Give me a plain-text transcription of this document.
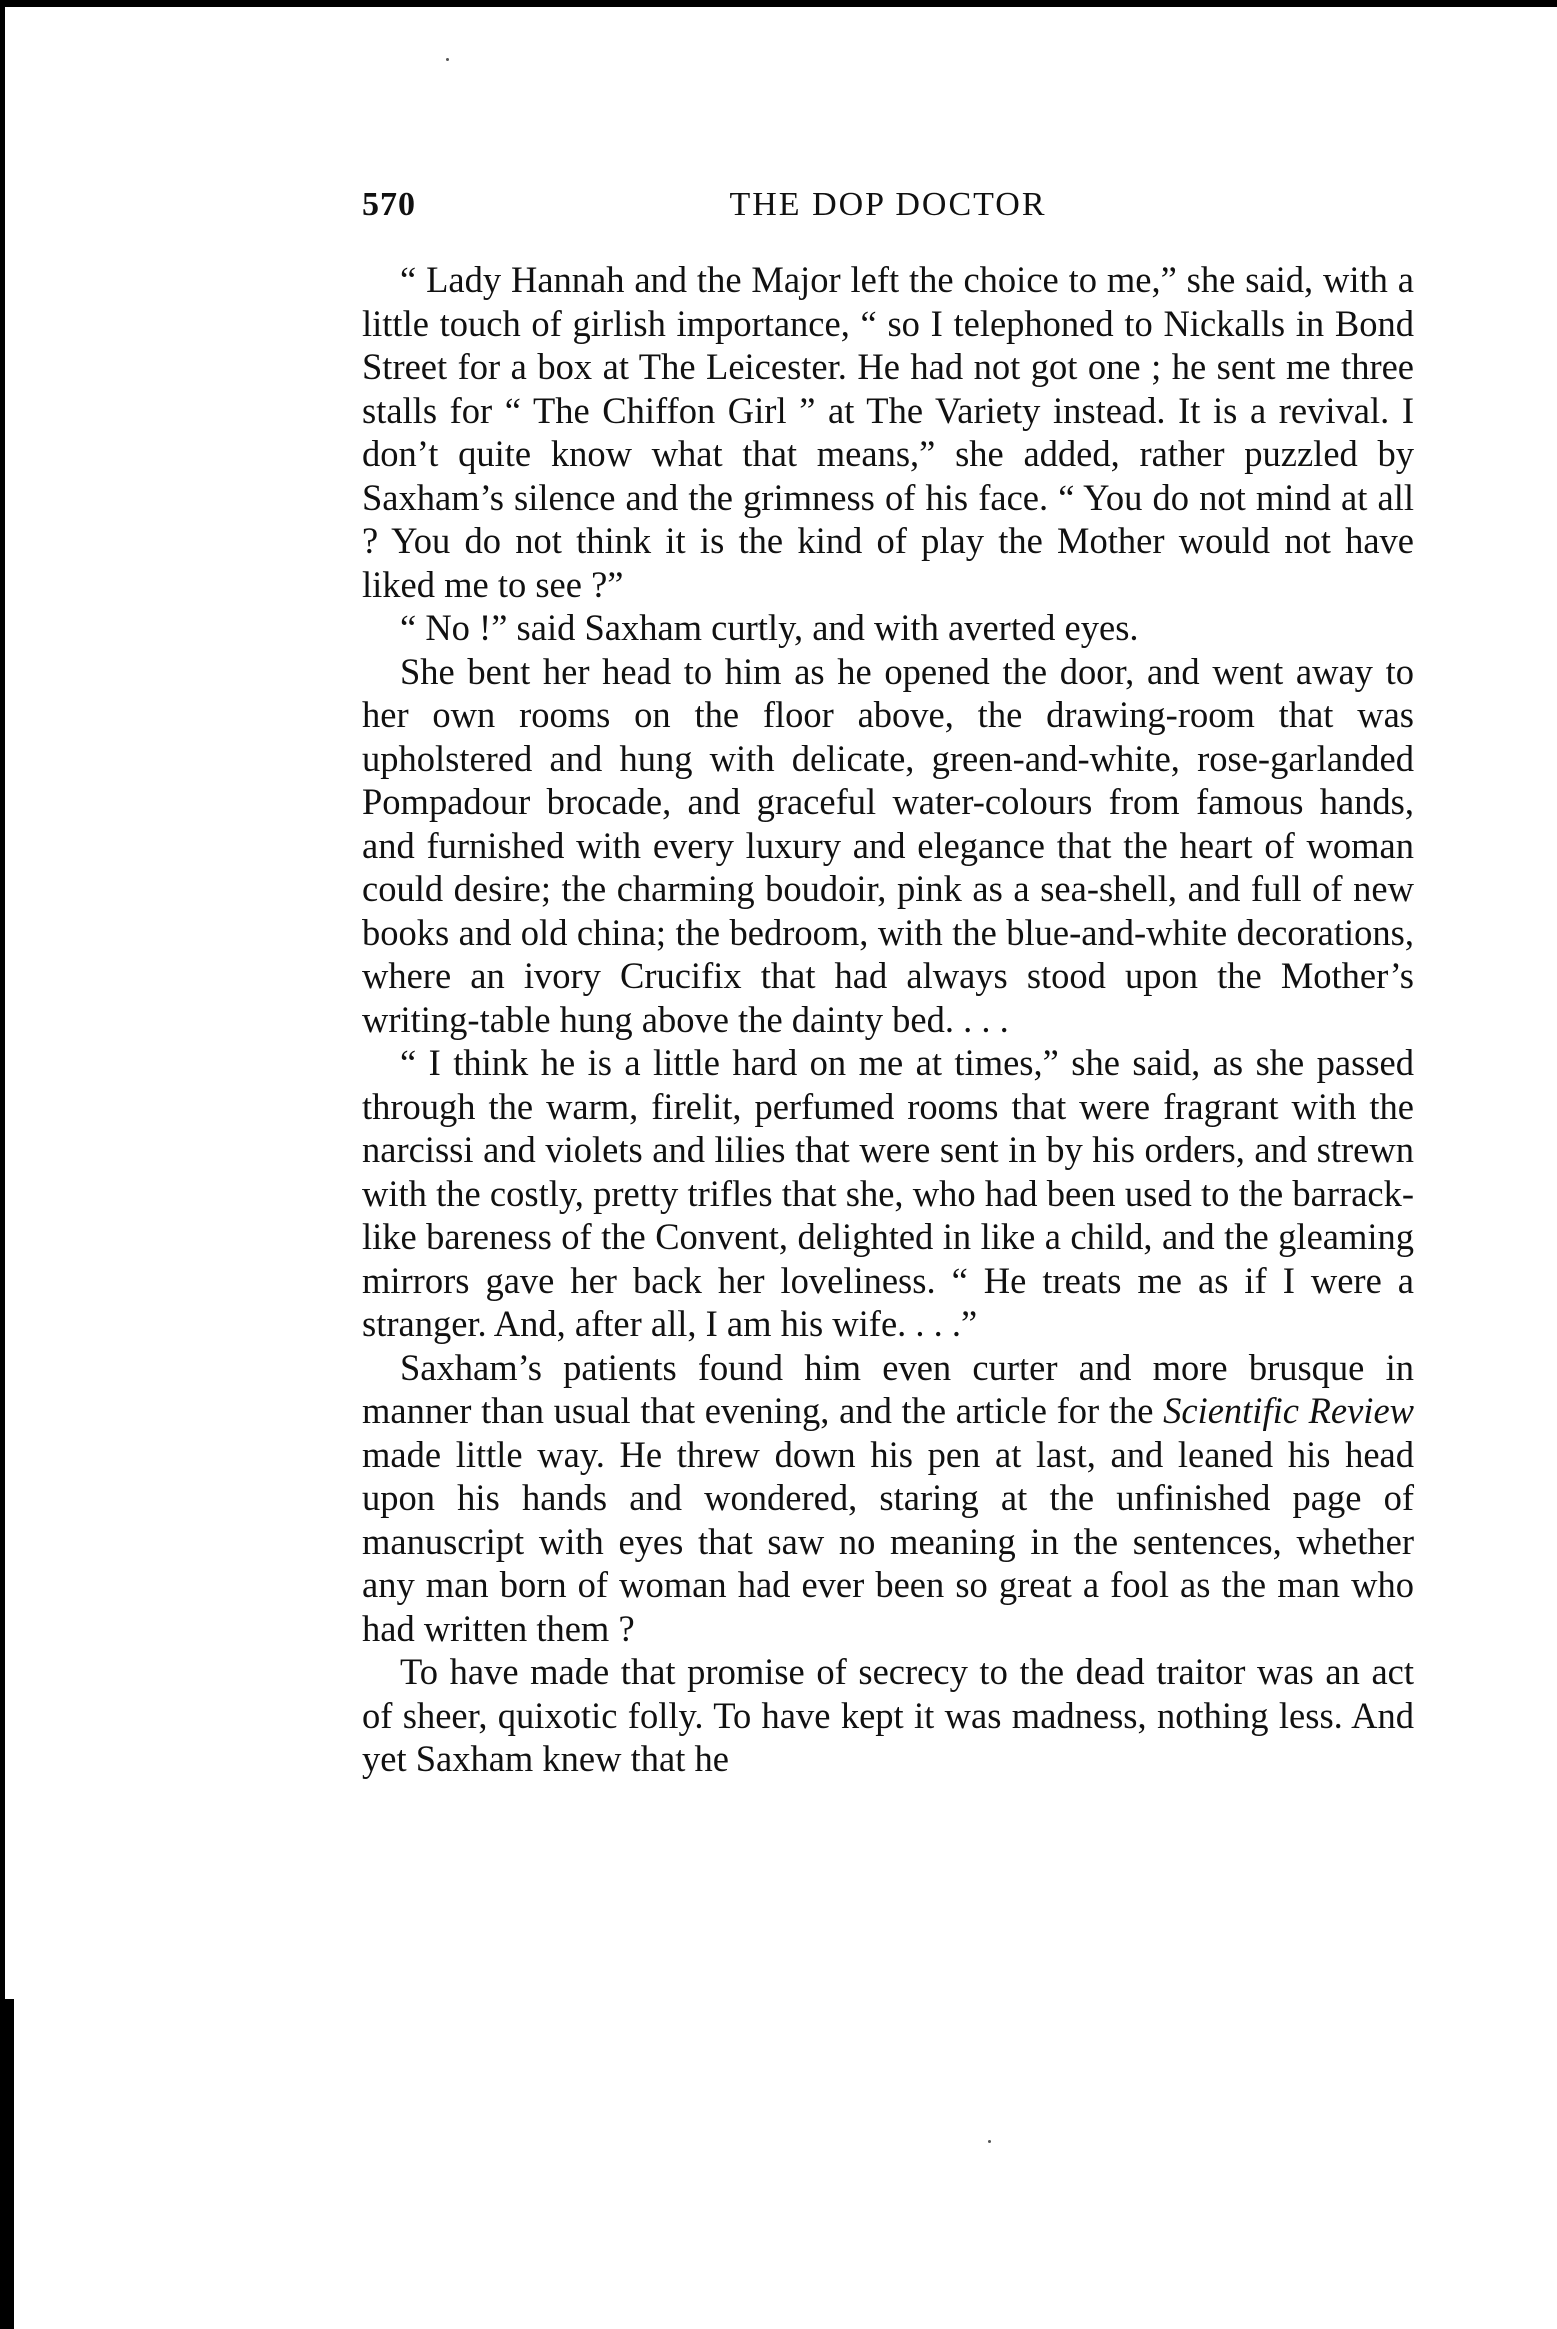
570	THE DOP DOCTOR

“ Lady Hannah and the Major left the choice to me,” she said, with a little touch of girlish importance, “ so I telephoned to Nickalls in Bond Street for a box at The Leicester. He had not got one ; he sent me three stalls for “ The Chiffon Girl ” at The Variety instead. It is a revival. I don’t quite know what that means,” she added, rather puzzled by Saxham’s silence and the grimness of his face. “ You do not mind at all ? You do not think it is the kind of play the Mother would not have liked me to see ?”

“ No !” said Saxham curtly, and with averted eyes.

She bent her head to him as he opened the door, and went away to her own rooms on the floor above, the drawing-room that was upholstered and hung with delicate, green-and-white, rose-garlanded Pompadour brocade, and graceful water-colours from famous hands, and furnished with every luxury and elegance that the heart of woman could desire; the charming boudoir, pink as a sea-shell, and full of new books and old china; the bedroom, with the blue-and-white decorations, where an ivory Crucifix that had always stood upon the Mother’s writing-table hung above the dainty bed. . . .

“ I think he is a little hard on me at times,” she said, as she passed through the warm, firelit, perfumed rooms that were fragrant with the narcissi and violets and lilies that were sent in by his orders, and strewn with the costly, pretty trifles that she, who had been used to the barrack-like bareness of the Convent, delighted in like a child, and the gleaming mirrors gave her back her loveliness. “ He treats me as if I were a stranger. And, after all, I am his wife. . . .”

Saxham’s patients found him even curter and more brusque in manner than usual that evening, and the article for the Scientific Review made little way. He threw down his pen at last, and leaned his head upon his hands and wondered, staring at the unfinished page of manuscript with eyes that saw no meaning in the sentences, whether any man born of woman had ever been so great a fool as the man who had written them ?

To have made that promise of secrecy to the dead traitor was an act of sheer, quixotic folly. To have kept it was madness, nothing less. And yet Saxham knew that he
